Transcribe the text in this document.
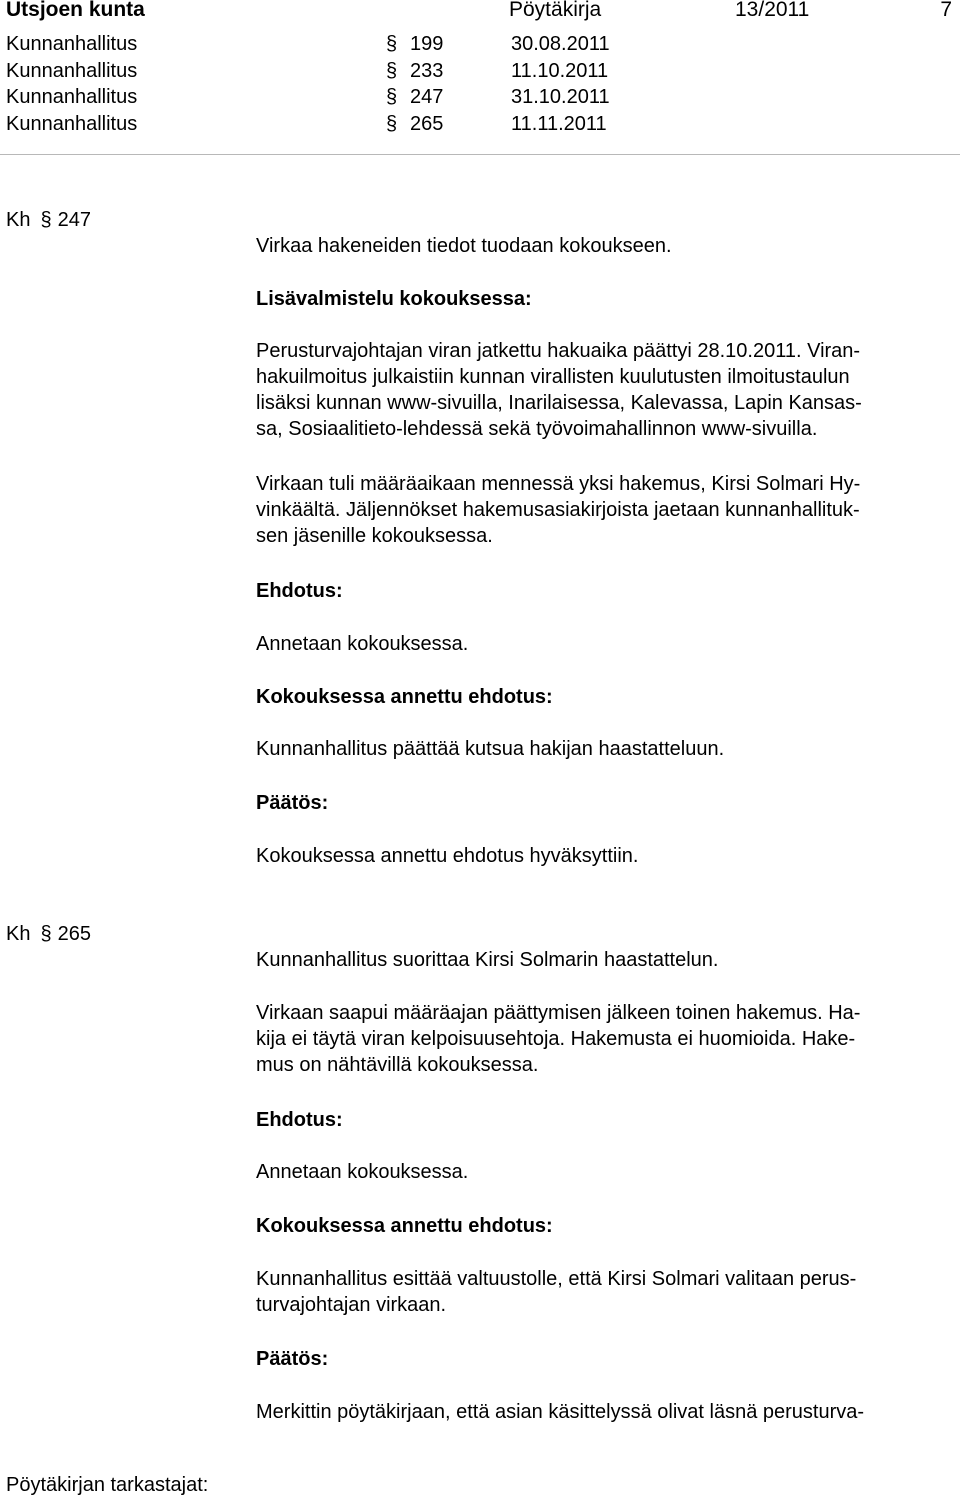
Utsjoen kunta	Pöytäkirja	13/2011	7
Kunnanhallitus	§ 199	30.08.2011
Kunnanhallitus	§ 233	11.10.2011
Kunnanhallitus	§ 247	31.10.2011
Kunnanhallitus	§ 265	11.11.2011
Kh § 247

Virkaa hakeneiden tiedot tuodaan kokoukseen.

Lisävalmistelu kokouksessa:

Perusturvajohtajan viran jatkettu hakuaika päättyi 28.10.2011. Viran-

hakuilmoitus julkaistiin kunnan virallisten kuulutusten ilmoitustaulun

lisäksi kunnan www-sivuilla, Inarilaisessa, Kalevassa, Lapin Kansas-

sa, Sosiaalitieto-lehdessä sekä työvoimahallinnon www-sivuilla.

Virkaan tuli määräaikaan mennessä yksi hakemus, Kirsi Solmari Hy-

vinkäältä. Jäljennökset hakemusasiakirjoista jaetaan kunnanhallituk-

sen jäsenille kokouksessa.

Ehdotus:

Annetaan kokouksessa.

Kokouksessa annettu ehdotus:

Kunnanhallitus päättää kutsua hakijan haastatteluun.

Päätös:

Kokouksessa annettu ehdotus hyväksyttiin.

Kh § 265

Kunnanhallitus suorittaa Kirsi Solmarin haastattelun.

Virkaan saapui määräajan päättymisen jälkeen toinen hakemus. Ha-

kija ei täytä viran kelpoisuusehtoja. Hakemusta ei huomioida. Hake-

mus on nähtävillä kokouksessa.

Ehdotus:

Annetaan kokouksessa.

Kokouksessa annettu ehdotus:

Kunnanhallitus esittää valtuustolle, että Kirsi Solmari valitaan perus-

turvajohtajan virkaan.

Päätös:

Merkittin pöytäkirjaan, että asian käsittelyssä olivat läsnä perusturva-

Pöytäkirjan tarkastajat:
